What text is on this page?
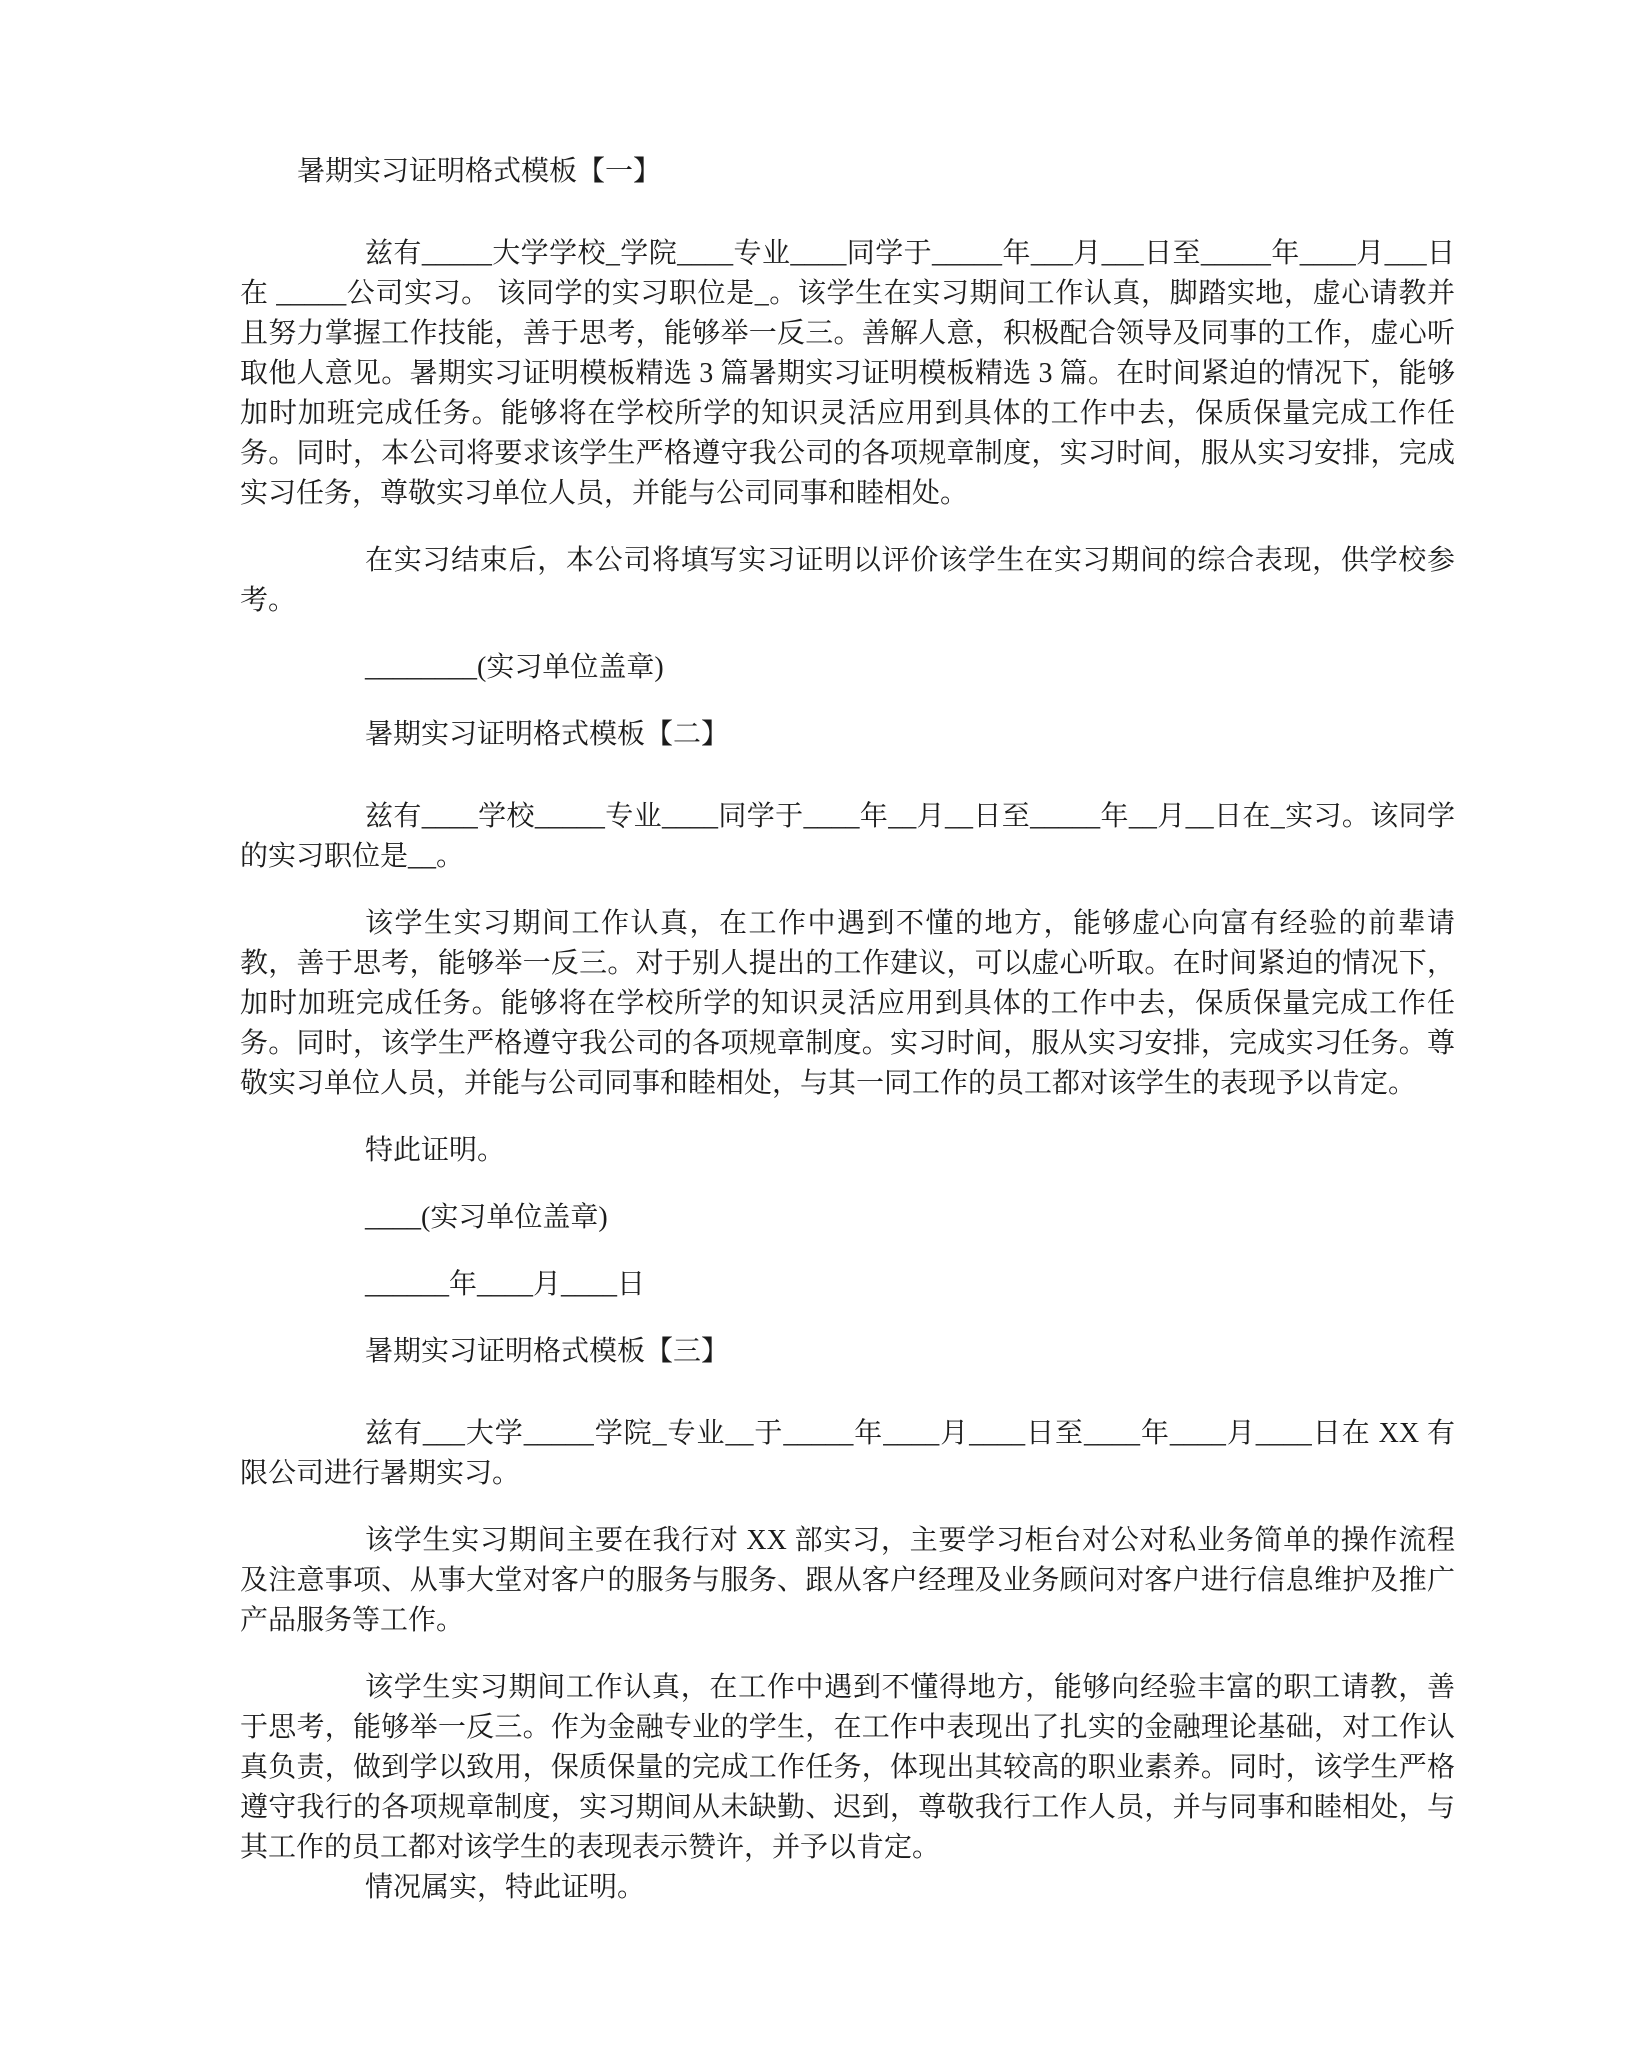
暑期实习证明格式模板【一】

兹有_____大学学校_学院____专业____同学于_____年___月___日至_____年____月___日在 _____公司实习。 该同学的实习职位是_。该学生在实习期间工作认真，脚踏实地，虚心请教并且努力掌握工作技能，善于思考，能够举一反三。善解人意，积极配合领导及同事的工作，虚心听取他人意见。暑期实习证明模板精选 3 篇暑期实习证明模板精选 3 篇。在时间紧迫的情况下，能够加时加班完成任务。能够将在学校所学的知识灵活应用到具体的工作中去，保质保量完成工作任务。同时，本公司将要求该学生严格遵守我公司的各项规章制度，实习时间，服从实习安排，完成实习任务，尊敬实习单位人员，并能与公司同事和睦相处。

在实习结束后，本公司将填写实习证明以评价该学生在实习期间的综合表现，供学校参考。

________(实习单位盖章)

暑期实习证明格式模板【二】

兹有____学校_____专业____同学于____年__月__日至_____年__月__日在_实习。该同学的实习职位是__。

该学生实习期间工作认真，在工作中遇到不懂的地方，能够虚心向富有经验的前辈请教，善于思考，能够举一反三。对于别人提出的工作建议，可以虚心听取。在时间紧迫的情况下，加时加班完成任务。能够将在学校所学的知识灵活应用到具体的工作中去，保质保量完成工作任务。同时，该学生严格遵守我公司的各项规章制度。实习时间，服从实习安排，完成实习任务。尊敬实习单位人员，并能与公司同事和睦相处，与其一同工作的员工都对该学生的表现予以肯定。

特此证明。

____(实习单位盖章)

______年____月____日

暑期实习证明格式模板【三】

兹有___大学_____学院_专业__于_____年____月____日至____年____月____日在 XX 有限公司进行暑期实习。

该学生实习期间主要在我行对 XX 部实习，主要学习柜台对公对私业务简单的操作流程及注意事项、从事大堂对客户的服务与服务、跟从客户经理及业务顾问对客户进行信息维护及推广产品服务等工作。

该学生实习期间工作认真，在工作中遇到不懂得地方，能够向经验丰富的职工请教，善于思考，能够举一反三。作为金融专业的学生，在工作中表现出了扎实的金融理论基础，对工作认真负责，做到学以致用，保质保量的完成工作任务，体现出其较高的职业素养。同时，该学生严格遵守我行的各项规章制度，实习期间从未缺勤、迟到，尊敬我行工作人员，并与同事和睦相处，与其工作的员工都对该学生的表现表示赞许，并予以肯定。

情况属实，特此证明。
